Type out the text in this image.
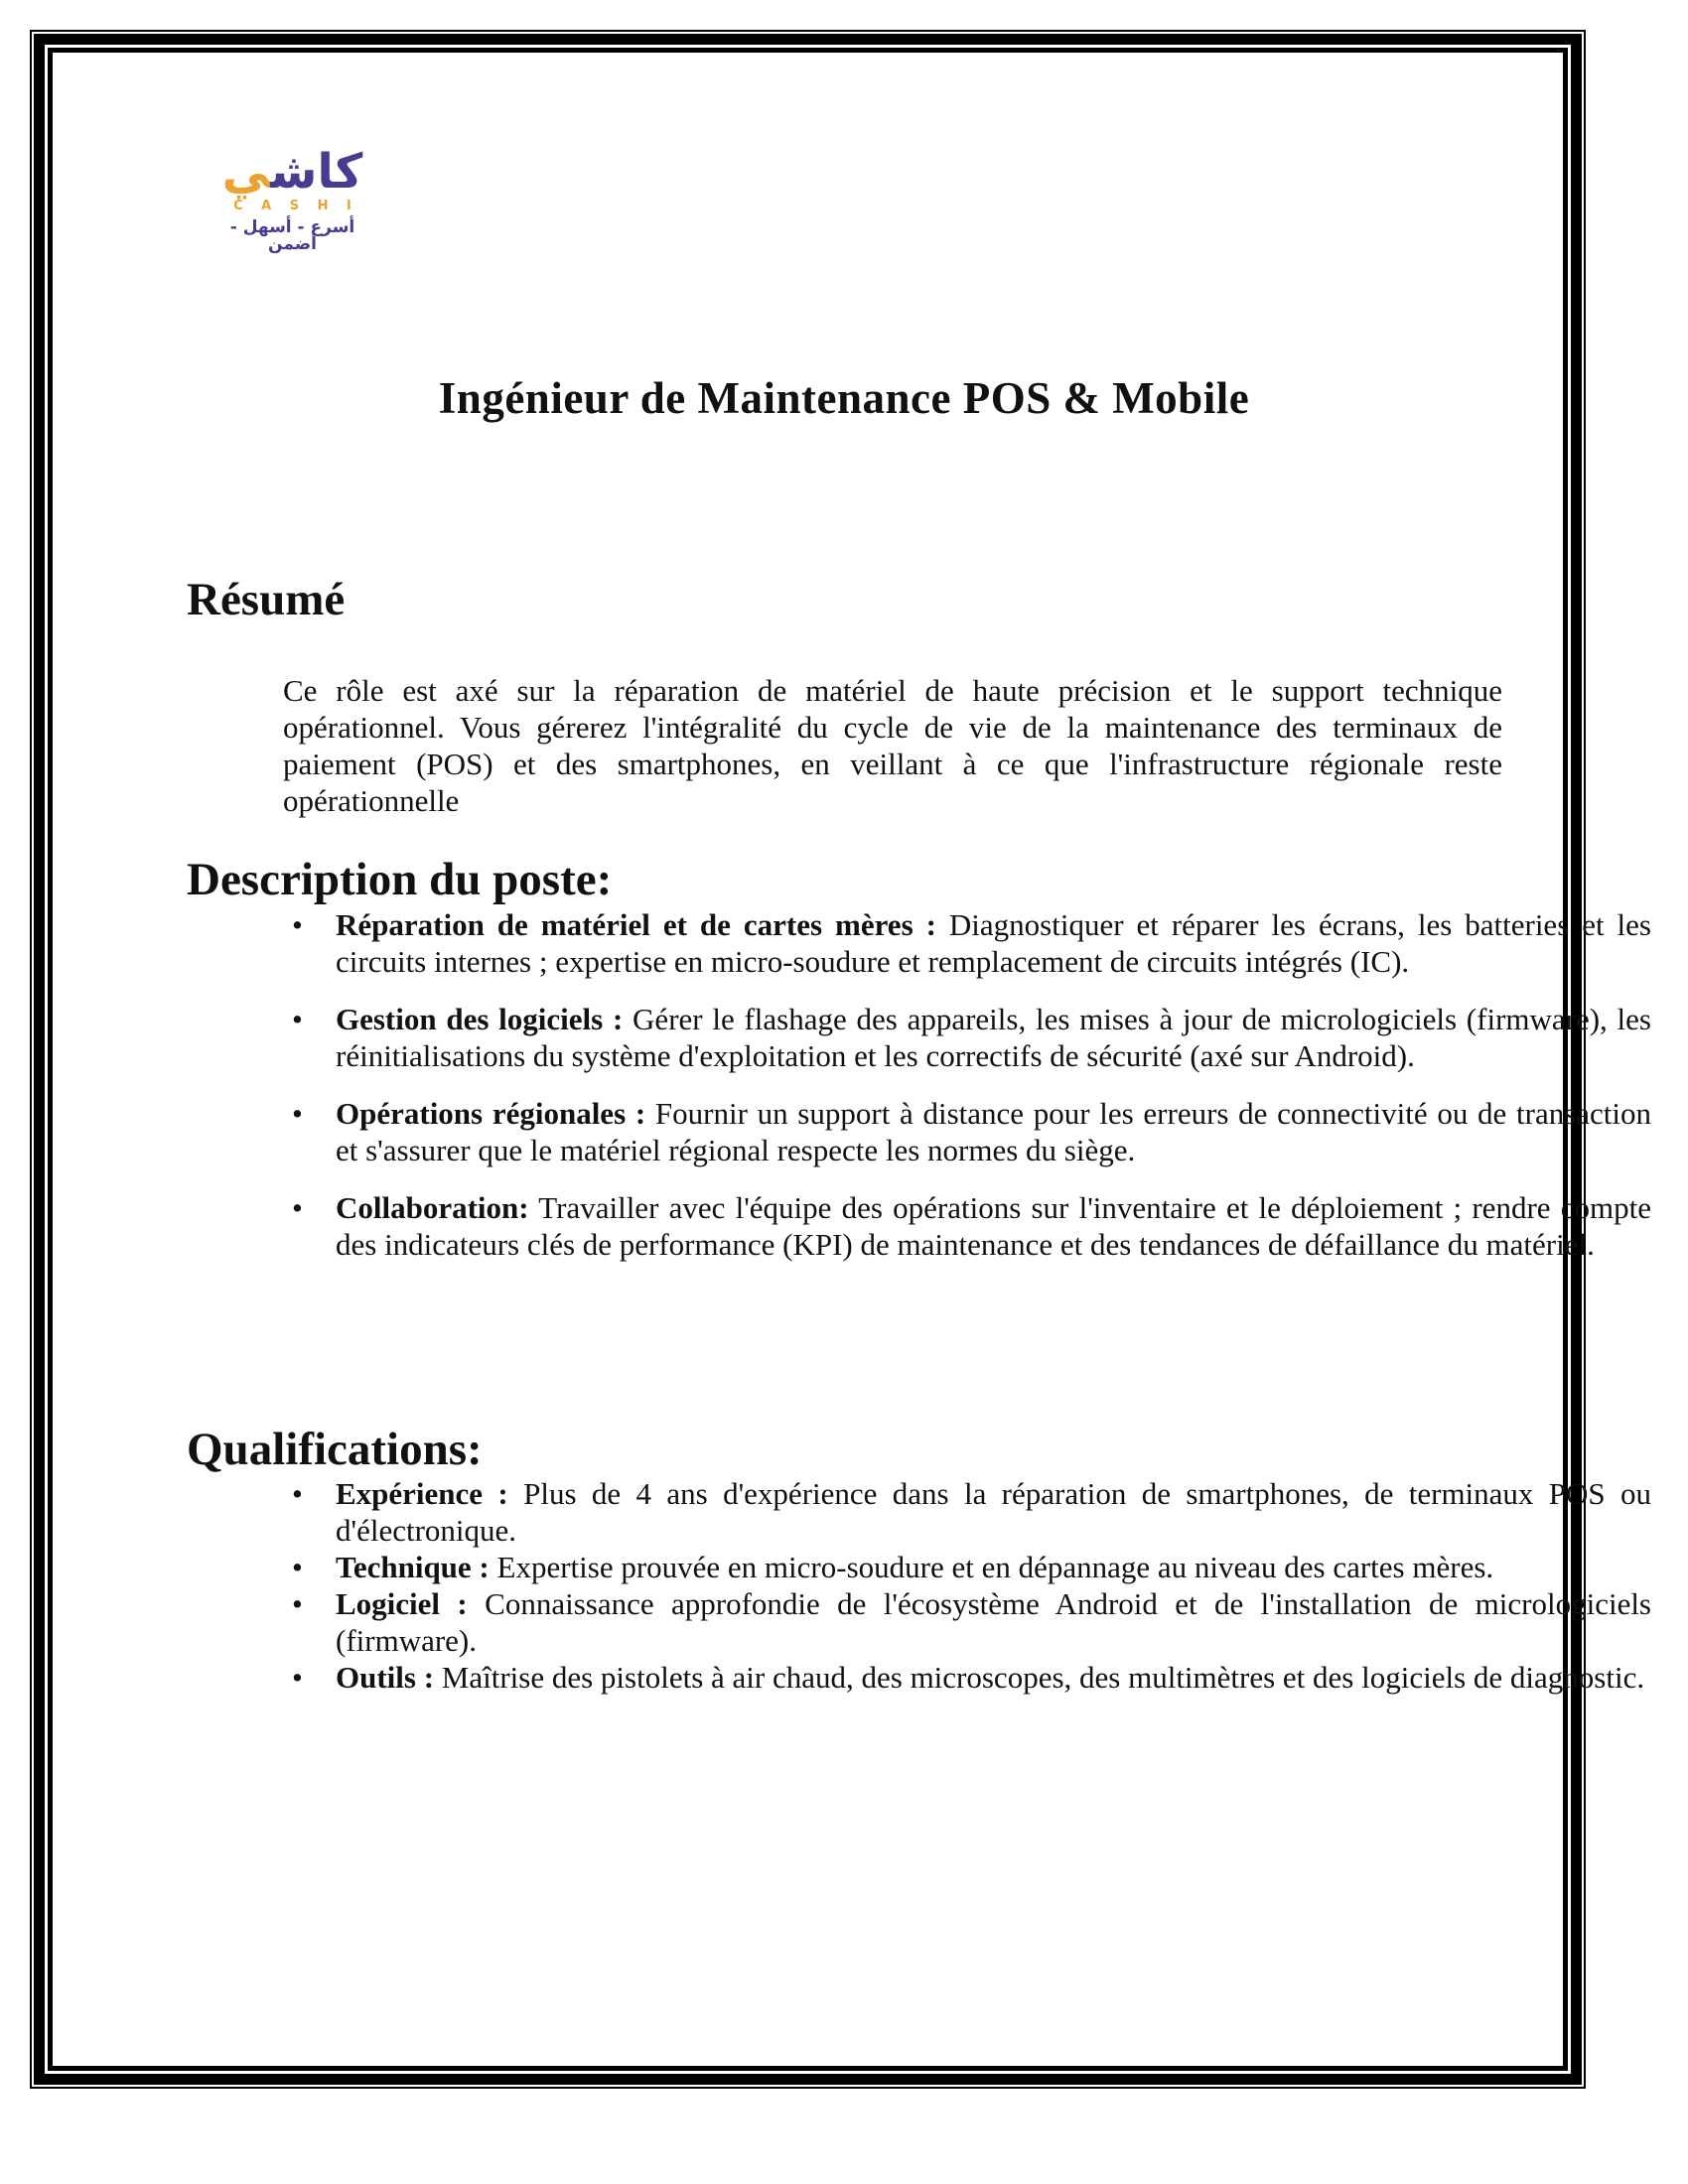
كاشي
C A S H I
أسرع - أسهل - أضمن
Ingénieur de Maintenance POS & Mobile
Résumé

Ce rôle est axé sur la réparation de matériel de haute précision et le support technique opérationnel. Vous gérerez l'intégralité du cycle de vie de la maintenance des terminaux de paiement (POS) et des smartphones, en veillant à ce que l'infrastructure régionale reste opérationnelle

Description du poste:
• Réparation de matériel et de cartes mères : Diagnostiquer et réparer les écrans, les batteries et les circuits internes ; expertise en micro-soudure et remplacement de circuits intégrés (IC).
• Gestion des logiciels : Gérer le flashage des appareils, les mises à jour de micrologiciels (firmware), les réinitialisations du système d'exploitation et les correctifs de sécurité (axé sur Android).
• Opérations régionales : Fournir un support à distance pour les erreurs de connectivité ou de transaction et s'assurer que le matériel régional respecte les normes du siège.
• Collaboration: Travailler avec l'équipe des opérations sur l'inventaire et le déploiement ; rendre compte des indicateurs clés de performance (KPI) de maintenance et des tendances de défaillance du matériel.
Qualifications:
• Expérience : Plus de 4 ans d'expérience dans la réparation de smartphones, de terminaux POS ou d'électronique.
• Technique : Expertise prouvée en micro-soudure et en dépannage au niveau des cartes mères.
• Logiciel : Connaissance approfondie de l'écosystème Android et de l'installation de micrologiciels (firmware).
• Outils : Maîtrise des pistolets à air chaud, des microscopes, des multimètres et des logiciels de diagnostic.
